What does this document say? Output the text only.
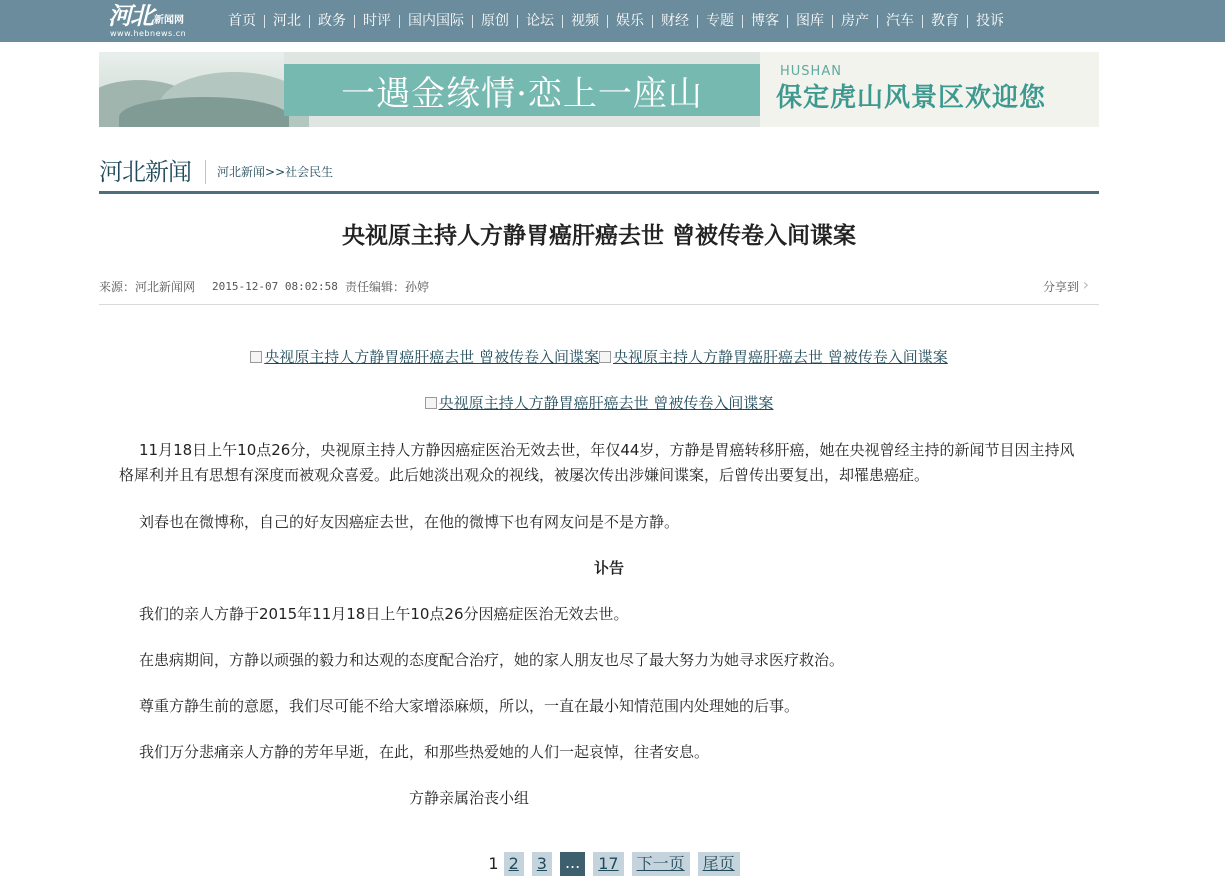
河北 新闻网
www.hebnews.cn
首页	河北	政务	时评	国内国际	原创	论坛	视频	娱乐	财经	专题	博客	图库	房产	汽车	教育	投诉
一遇金缘情·恋上一座山
HUSHAN
保定虎山风景区欢迎您
河北新闻 河北新闻 >> 社会民生
央视原主持人方静胃癌肝癌去世 曾被传卷入间谍案
来源：河北新闻网 2015-12-07 08:02:58 责任编辑：孙婷	分享到 ›
央视原主持人方静胃癌肝癌去世 曾被传卷入间谍案 央视原主持人方静胃癌肝癌去世 曾被传卷入间谍案
央视原主持人方静胃癌肝癌去世 曾被传卷入间谍案

11月18日上午10点26分，央视原主持人方静因癌症医治无效去世，年仅44岁，方静是胃癌转移肝癌，她在央视曾经主持的新闻节目因主持风格犀利并且有思想有深度而被观众喜爱。此后她淡出观众的视线，被屡次传出涉嫌间谍案，后曾传出要复出，却罹患癌症。

刘春也在微博称，自己的好友因癌症去世，在他的微博下也有网友问是不是方静。

讣告

我们的亲人方静于2015年11月18日上午10点26分因癌症医治无效去世。

在患病期间，方静以顽强的毅力和达观的态度配合治疗，她的家人朋友也尽了最大努力为她寻求医疗救治。

尊重方静生前的意愿，我们尽可能不给大家增添麻烦，所以，一直在最小知情范围内处理她的后事。

我们万分悲痛亲人方静的芳年早逝，在此，和那些热爱她的人们一起哀悼，往者安息。

方静亲属治丧小组

1 2	3	...	17	下一页	尾页
